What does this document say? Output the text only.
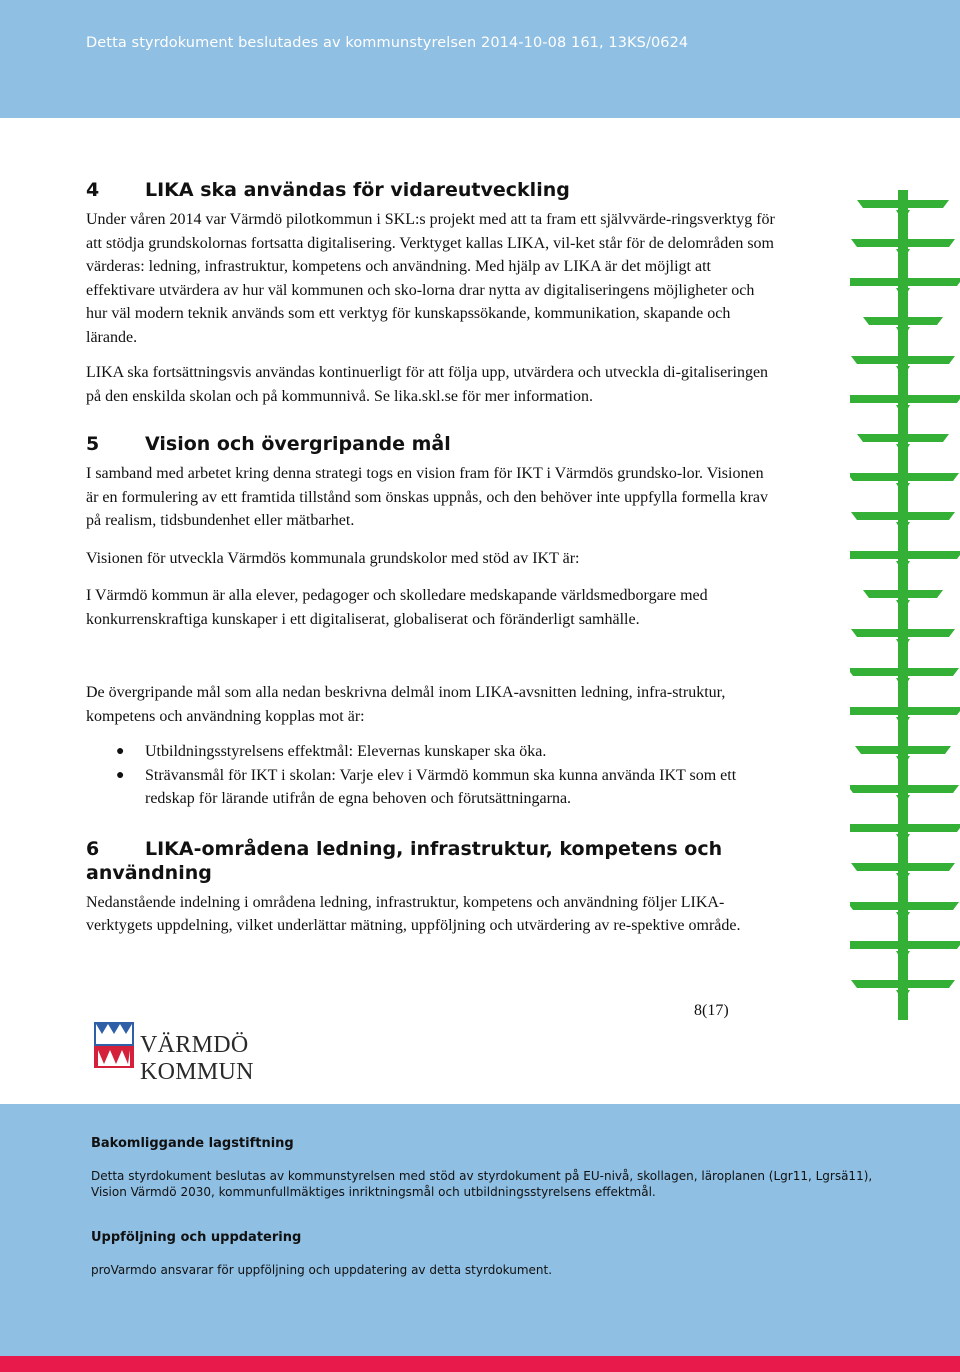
Detta styrdokument beslutades av kommunstyrelsen 2014-10-08 161, 13KS/0624
4	LIKA ska användas för vidareutveckling

Under våren 2014 var Värmdö pilotkommun i SKL:s projekt med att ta fram ett självvärde-ringsverktyg för att stödja grundskolornas fortsatta digitalisering. Verktyget kallas LIKA, vil-ket står för de delområden som värderas: ledning, infrastruktur, kompetens och användning. Med hjälp av LIKA är det möjligt att effektivare utvärdera av hur väl kommunen och sko-lorna drar nytta av digitaliseringens möjligheter och hur väl modern teknik används som ett verktyg för kunskapssökande, kommunikation, skapande och lärande.

LIKA ska fortsättningsvis användas kontinuerligt för att följa upp, utvärdera och utveckla di-gitaliseringen på den enskilda skolan och på kommunnivå. Se lika.skl.se för mer information.

5	Vision och övergripande mål

I samband med arbetet kring denna strategi togs en vision fram för IKT i Värmdös grundsko-lor. Visionen är en formulering av ett framtida tillstånd som önskas uppnås, och den behöver inte uppfylla formella krav på realism, tidsbundenhet eller mätbarhet.

Visionen för utveckla Värmdös kommunala grundskolor med stöd av IKT är:

I Värmdö kommun är alla elever, pedagoger och skolledare medskapande världsmedborgare med konkurrenskraftiga kunskaper i ett digitaliserat, globaliserat och föränderligt samhälle.

De övergripande mål som alla nedan beskrivna delmål inom LIKA-avsnitten ledning, infra-struktur, kompetens och användning kopplas mot är:

● Utbildningsstyrelsens effektmål: Elevernas kunskaper ska öka.
● Strävansmål för IKT i skolan: Varje elev i Värmdö kommun ska kunna använda IKT som ett redskap för lärande utifrån de egna behoven och förutsättningarna.
6 LIKA-områdena ledning, infrastruktur, kompetens och användning

Nedanstående indelning i områdena ledning, infrastruktur, kompetens och användning följer LIKA-verktygets uppdelning, vilket underlättar mätning, uppföljning och utvärdering av re-spektive område.

8(17)
VÄRMDÖ KOMMUN
Bakomliggande lagstiftning
Detta styrdokument beslutas av kommunstyrelsen med stöd av styrdokument på EU-nivå, skollagen, läroplanen (Lgr11, Lgrsä11), Vision Värmdö 2030, kommunfullmäktiges inriktningsmål och utbildningsstyrelsens effektmål.
Uppföljning och uppdatering
proVarmdo ansvarar för uppföljning och uppdatering av detta styrdokument.
